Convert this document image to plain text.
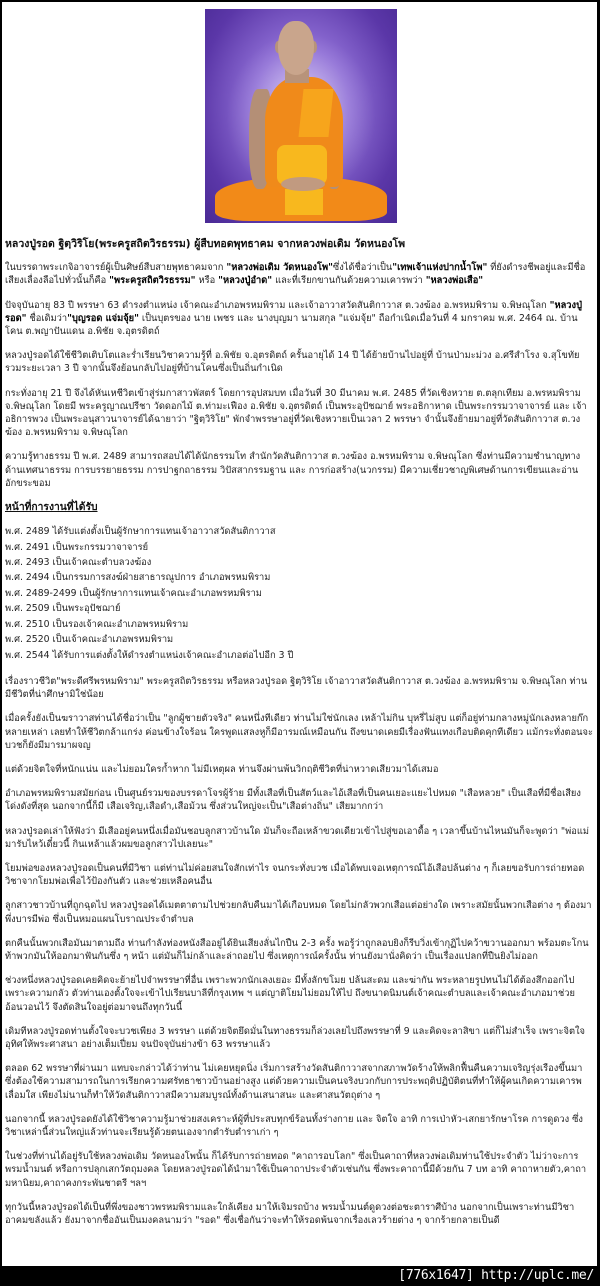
หลวงปู่รอด ฐิตฺวิริโย(พระครูสถิตวิรธรรม) ผู้สืบทอดพุทธาคม จากหลวงพ่อเดิม วัดหนองโพ

ในบรรดาพระเกจิอาจารย์ผู้เป็นศิษย์สืบสายพุทธาคมจาก "หลวงพ่อเดิม วัดหนองโพ"ซึ่งได้ชื่อว่าเป็น"เทพเจ้าแห่งปากน้ำโพ" ที่ยังดำรงชีพอยู่และมีชื่อเสียงเลื่องลือไปทั่วนั้นก็คือ "พระครูสถิตวิรธรรม" หรือ "หลวงปู่อำด" และที่เรียกขานกันด้วยความเคารพว่า "หลวงพ่อเสือ"

ปัจจุบันอายุ 83 ปี พรรษา 63 ดำรงตำแหน่ง เจ้าคณะอำเภอพรหมพิราม และเจ้าอาวาสวัดสันติกาวาส ต.วงฆ้อง อ.พรหมพิราม จ.พิษณุโลก "หลวงปู่รอด" ชื่อเดิมว่า"บุญรอด แจ่มจุ้ย" เป็นบุตรของ นาย เพชร และ นางบุญมา นามสกุล "แจ่มจุ้ย" ถือกำเนิดเมื่อวันที่ 4 มกราคม พ.ศ. 2464 ณ. บ้านโคน ต.พญาปันแดน อ.พิชัย จ.อุตรดิตถ์

หลวงปู่รอดได้ใช้ชีวิตเติบโตและร่ำเรียนวิชาความรู้ที่ อ.พิชัย จ.อุตรดิตถ์ ครั้นอายุได้ 14 ปี ได้ย้ายบ้านไปอยู่ที่ บ้านป่ามะม่วง อ.ศรีสำโรง จ.สุโขทัย รวมระยะเวลา 3 ปี จากนั้นจึงย้อนกลับไปอยู่ที่บ้านโคนซึ่งเป็นถิ่นกำเนิด

กระทั่งอายุ 21 ปี จึงได้หันเหชีวิตเข้าสู่ร่มกาสาวพัสตร์ โดยการอุปสมบท เมื่อวันที่ 30 มีนาคม พ.ศ. 2485 ที่วัดเชิงหวาย ต.ตลุกเทียม อ.พรหมพิราม จ.พิษณุโลก โดยมี พระครูญาณปรีชา วัดดอกไม้ ต.ท่ามะเฟือง อ.พิชัย จ.อุตรดิตถ์ เป็นพระอุปัชฌาย์ พระอธิกาหาด เป็นพระกรรมวาจาจารย์ และ เจ้าอธิการพวง เป็นพระอนุสาวนาจารย์ได้ฉายาว่า "ฐิตฺวิริโย" พักจำพรรษาอยู่ที่วัดเชิงหวายเป็นเวลา 2 พรรษา จำนั้นจึงย้ายมาอยู่ที่วัดสันติกาวาส ต.วงฆ้อง อ.พรหมพิราม จ.พิษณุโลก

ความรู้ทางธรรม ปี พ.ศ. 2489 สามารถสอบได้ได้นักธรรมโท สำนักวัดสันติกาวาส ต.วงฆ้อง อ.พรหมพิราม จ.พิษณุโลก ซึ่งท่านมีความชำนาญทางด้านเทศนาธรรม การบรรยายธรรม การปาฐกถาธรรม วิปัสสากรรมฐาน และ การก่อสร้าง(นวกรรม) มีความเชี่ยวชาญพิเศษด้านการเขียนและอ่านอักขระขอม

หน้าที่การงานที่ได้รับ
พ.ศ. 2489 ได้รับแต่งตั้งเป็นผู้รักษาการแทนเจ้าอาวาสวัดสันติกาวาส
พ.ศ. 2491 เป็นพระกรรมวาจาจารย์
พ.ศ. 2493 เป็นเจ้าคณะตำบลวงฆ้อง
พ.ศ. 2494 เป็นกรรมการสงฆ์ฝ่ายสาธารณูปการ อำเภอพรหมพิราม
พ.ศ. 2489-2499 เป็นผู้รักษาการแทนเจ้าคณะอำเภอพรหมพิราม
พ.ศ. 2509 เป็นพระอุปัชฌาย์
พ.ศ. 2510 เป็นรองเจ้าคณะอำเภอพรหมพิราม
พ.ศ. 2520 เป็นเจ้าคณะอำเภอพรหมพิราม
พ.ศ. 2544 ได้รับการแต่งตั้งให้ดำรงตำแหน่งเจ้าคณะอำเภอต่อไปอีก 3 ปี

เรื่องราวชีวิต"พระดีศรีพรหมพิราม" พระครูสถิตวิรธรรม หรือหลวงปู่รอด ฐิตฺวิริโย เจ้าอาวาสวัดสันติกาวาส ต.วงฆ้อง อ.พรหมพิราม จ.พิษณุโลก ท่านมีชีวิตที่น่าศึกษามิใช่น้อย

เมื่อครั้งยังเป็นฆราวาสท่านได้ชื่อว่าเป็น "ลูกผู้ชายตัวจริง" คนหนึ่งทีเดียว ท่านไม่ใช่นักเลง เหล้าไม่กิน บุหรี่ไม่สูบ แต่ก็อยู่ท่ามกลางหมู่นักเลงหลายก๊กหลายเหล่า เลยทำให้ชีวิตกล้าแกร่ง ค่อนข้างใจร้อน ใครพูดแสลงหูก็มีอารมณ์เหมือนกัน ถึงขนาดเคยมีเรื่องฟันแทงเกือบติดคุกทีเดียว แม้กระทั่งตอนจะบวชก็ยังมีมารมาผจญ

แต่ด้วยจิตใจที่หนักแน่น และไม่ยอมใครก้ำหาก ไม่มีเหตุผล ท่านจึงผ่านพ้นวิกฤติชีวิตที่น่าหวาดเสียวมาได้เสมอ

อำเภอพรหมพิรามสมัยก่อน เป็นศูนย์รวมของบรรดาโจรผู้ร้าย มีทั้งเสือที่เป็นสัตว์และไอ้เสือที่เป็นคนเยอะแยะไปหมด "เสือหลวย" เป็นเสือที่มีชื่อเสียงโด่งดังที่สุด นอกจากนี้ก็มี เสือเจริญ,เสือดำ,เสือม้วน ซึ่งส่วนใหญ่จะเป็น"เสือต่างถิ่น" เสียมากกว่า

หลวงปู่รอดเล่าให้ฟังว่า มีเสืออยู่คนหนึ่งเมื่อมันชอบลูกสาวบ้านใด มันก็จะถือเหล้าขวดเดียวเข้าไปสู่ขอเอาดื้อ ๆ เวลาขึ้นบ้านไหนมันก็จะพูดว่า "พ่อแม่มารับไหว้เดี๋ยวนี้ กินเหล้าแล้วผมขอลูกสาวไปเลยนะ"

โยมพ่อของหลวงปู่รอดเป็นคนที่มีวิชา แต่ท่านไม่ค่อยสนใจสักเท่าไร จนกระทั่งบวช เมื่อได้พบเจอเหตุการณ์ไอ้เสือปล้นต่าง ๆ ก็เลยขอรับการถ่ายทอดวิชาจากโยมพ่อเพื่อไว้ป้องกันตัว และช่วยเหลือคนอื่น

ลูกสาวชาวบ้านที่ถูกฉุดไป หลวงปู่รอดได้เมตตาตามไปช่วยกลับคืนมาได้เกือบหมด โดยไม่กลัวพวกเสือแต่อย่างใด เพราะสมัยนั้นพวกเสือต่าง ๆ ต้องมาพึ่งบารมีพ่อ ซึ่งเป็นหมอแผนโบราณประจำตำบล

ตกคืนนั้นพวกเสือมันมาตามถึง ท่านกำลังท่องหนังสืออยู่ได้ยินเสียงลั่นไกปืน 2-3 ครั้ง พอรู้ว่าถูกลอบยิงก็รีบวิ่งเข้ากุฏิไปคว้าขวานออกมา พร้อมตะโกนท้าพวกมันให้ออกมาฟันกันซึ่ง ๆ หน้า แต่มันก็ไม่กล้าและล่าถอยไป ซึ่งเหตุการณ์ครั้งนั้น ท่านยังมานั่งคิดว่า เป็นเรื่องแปลกที่ปืนยิงไม่ออก

ช่วงหนึ่งหลวงปู่รอดเคยคิดจะย้ายไปจำพรรษาที่อื่น เพราะพวกนักเลงเยอะ มีทั้งลักขโมย ปล้นสะดม และฆ่ากัน พระหลายรูปทนไม่ได้ต้องสึกออกไปเพราะความกลัว ตัวท่านเองตั้งใจจะเข้าไปเรียนบาลีที่กรุงเทพ ฯ แต่ญาติโยมไม่ยอมให้ไป ถึงขนาดนิมนต์เจ้าคณะตำบลและเจ้าคณะอำเภอมาช่วยอ้อนวอนไว้ จึงตัดสินใจอยู่ต่อมาจนถึงทุกวันนี้

เดิมทีหลวงปู่รอดท่านตั้งใจจะบวชเพียง 3 พรรษา แต่ด้วยจิตยึดมั่นในทางธรรมก็ล่วงเลยไปถึงพรรษาที่ 9 และคิดจะลาสิขา แต่ก็ไม่สำเร็จ เพราะจิตใจอุทิศให้พระศาสนา อย่างเต็มเปี่ยม จนปัจจุบันย่างข้า 63 พรรษาแล้ว

ตลอด 62 พรรษาที่ผ่านมา แทบจะกล่าวได้ว่าท่าน ไม่เคยหยุดนิ่ง เริ่มการสร้างวัดสันติกาวาสจากสภาพวัดร้างให้พลิกฟื้นคืนความเจริญรุ่งเรืองขึ้นมาซึ่งต้องใช้ความสามารถในการเรียกความศรัทธาชาวบ้านอย่างสูง แต่ด้วยความเป็นคนจริงบวกกับการประพฤติปฏิบัติตนที่ทำให้ผู้คนเกิดความเคารพเลื่อมใส เพียงไม่นานก็ทำให้วัดสันติกาวาสมีความสมบูรณ์ทั้งด้านเสนาสนะ และศาสนวัตถุต่าง ๆ

นอกจากนี้ หลวงปู่รอดยังได้ใช้วิชาความรู้มาช่วยสงเคราะห์ผู้ที่ประสบทุกข์ร้อนทั้งร่างกาย และ จิตใจ อาทิ การเป่าหัว-เสกยารักษาโรค การดูดวง ซึ่งวิชาเหล่านี้ส่วนใหญ่แล้วท่านจะเรียนรู้ด้วยตนเองจากตำรับตำราเก่า ๆ

ในช่วงที่ท่านได้อยู่รับใช้หลวงพ่อเดิม วัดหนองโพนั้น ก็ได้รับการถ่ายทอด "คาถารอบโลก" ซึ่งเป็นคาถาที่หลวงพ่อเดิมท่านใช้ประจำตัว ไม่ว่าจะการพรมน้ำมนต์ หรือการปลุกเสกวัตถุมงคล โดยหลวงปู่รอดได้นำมาใช้เป็นคาถาประจำตัวเช่นกัน ซึ่งพระคาถานี้มีด้วยกัน 7 บท อาทิ คาถาหายตัว,คาถามหานิยม,คาถาคงกระพันชาตรี ฯลฯ

ทุกวันนี้หลวงปู่รอดได้เป็นที่พึ่งของชาวพรหมพิรามและใกล้เคียง มาให้เจิมรถบ้าง พรมน้ำมนต์ดูดวงต่อชะตาราศีบ้าง นอกจากเป็นเพราะท่านมีวิชาอาคมขลังแล้ว ยังมาจากชื่ออันเป็นมงคลนามว่า "รอด" ซึ่งเชื่อกันว่าจะทำให้รอดพ้นจากเรื่องเลวร้ายต่าง ๆ จากร้ายกลายเป็นดี

[776x1647] http://uplc.me/
